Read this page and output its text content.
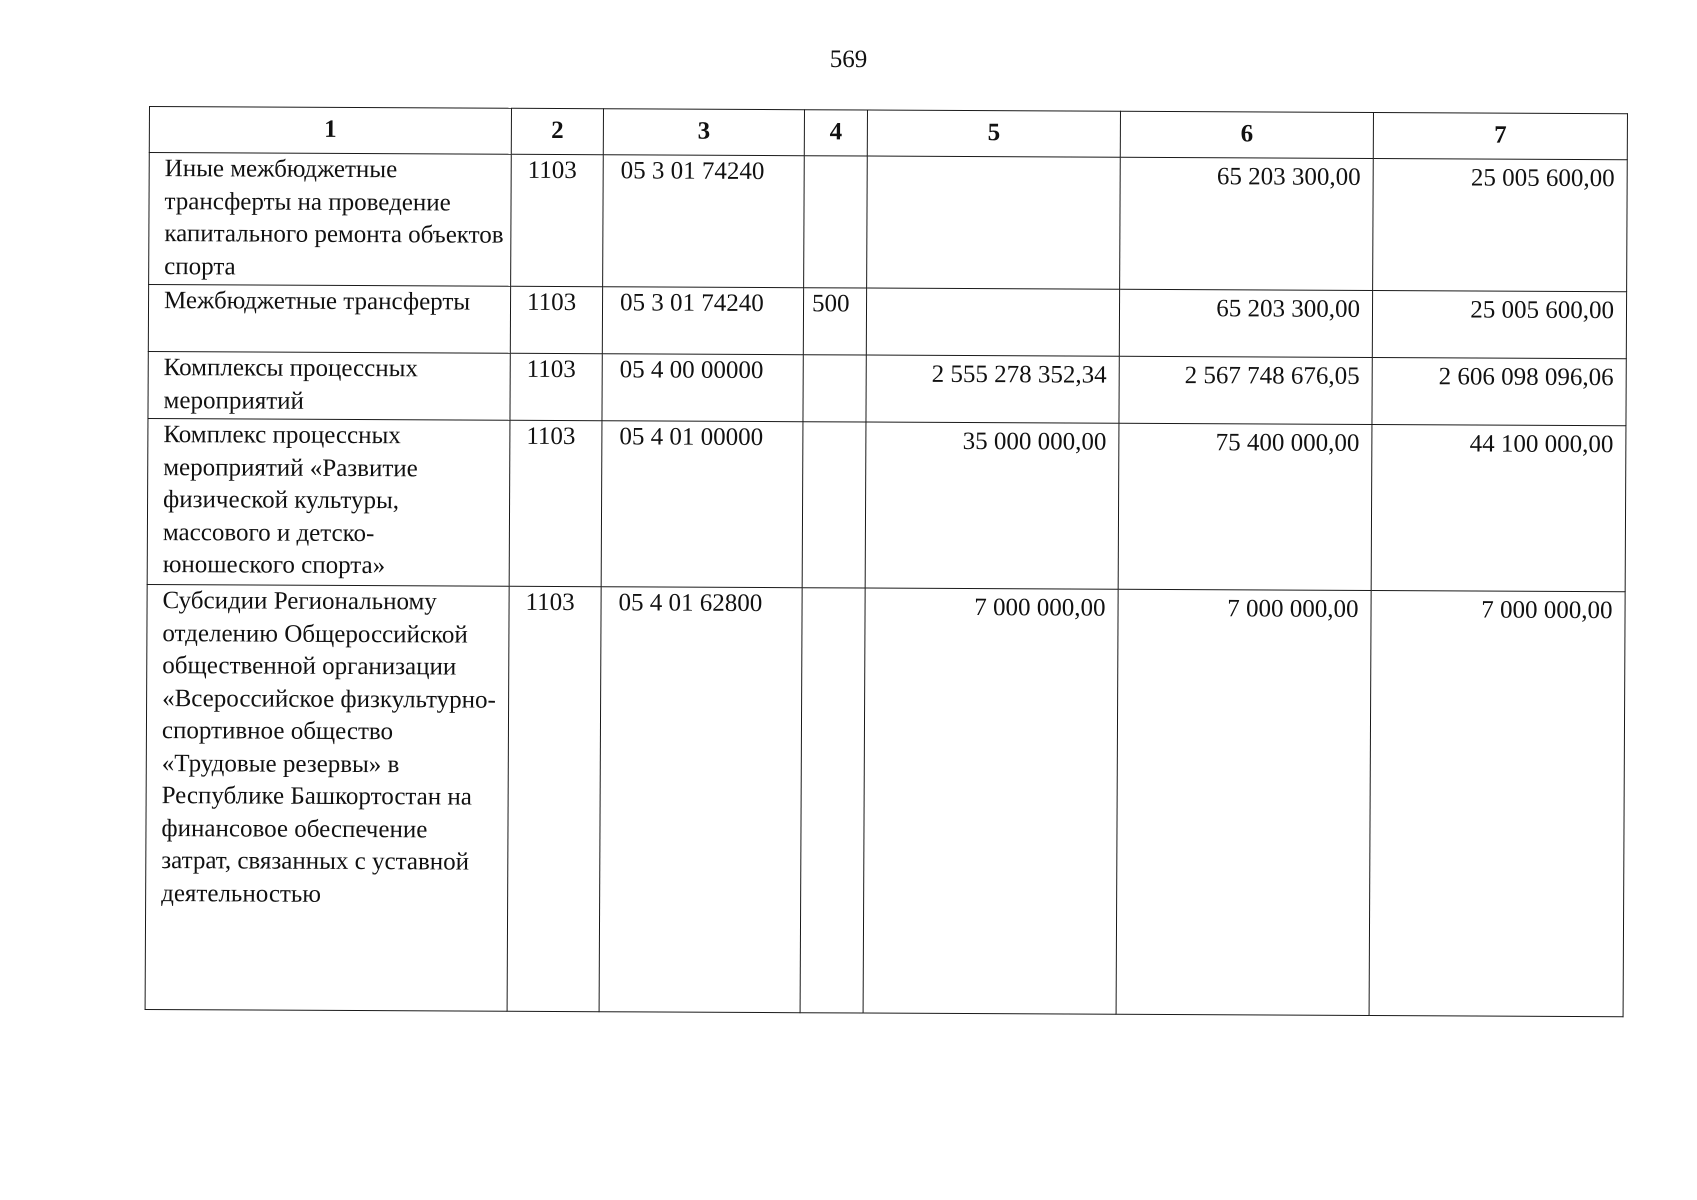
569
1	2	3	4	5	6	7
Иные межбюджетные трансферты на проведение капитального ремонта объектов спорта	1103	05 3 01 74240			65 203 300,00	25 005 600,00
Межбюджетные трансферты	1103	05 3 01 74240	500		65 203 300,00	25 005 600,00
Комплексы процессных мероприятий	1103	05 4 00 00000		2 555 278 352,34	2 567 748 676,05	2 606 098 096,06
Комплекс процессных мероприятий «Развитие физической культуры, массового и детско-юношеского спорта»	1103	05 4 01 00000		35 000 000,00	75 400 000,00	44 100 000,00
Субсидии Региональному отделению Общероссийской общественной организации «Всероссийское физкультурно-спортивное общество «Трудовые резервы» в Республике Башкортостан на финансовое обеспечение затрат, связанных с уставной деятельностью	1103	05 4 01 62800		7 000 000,00	7 000 000,00	7 000 000,00
